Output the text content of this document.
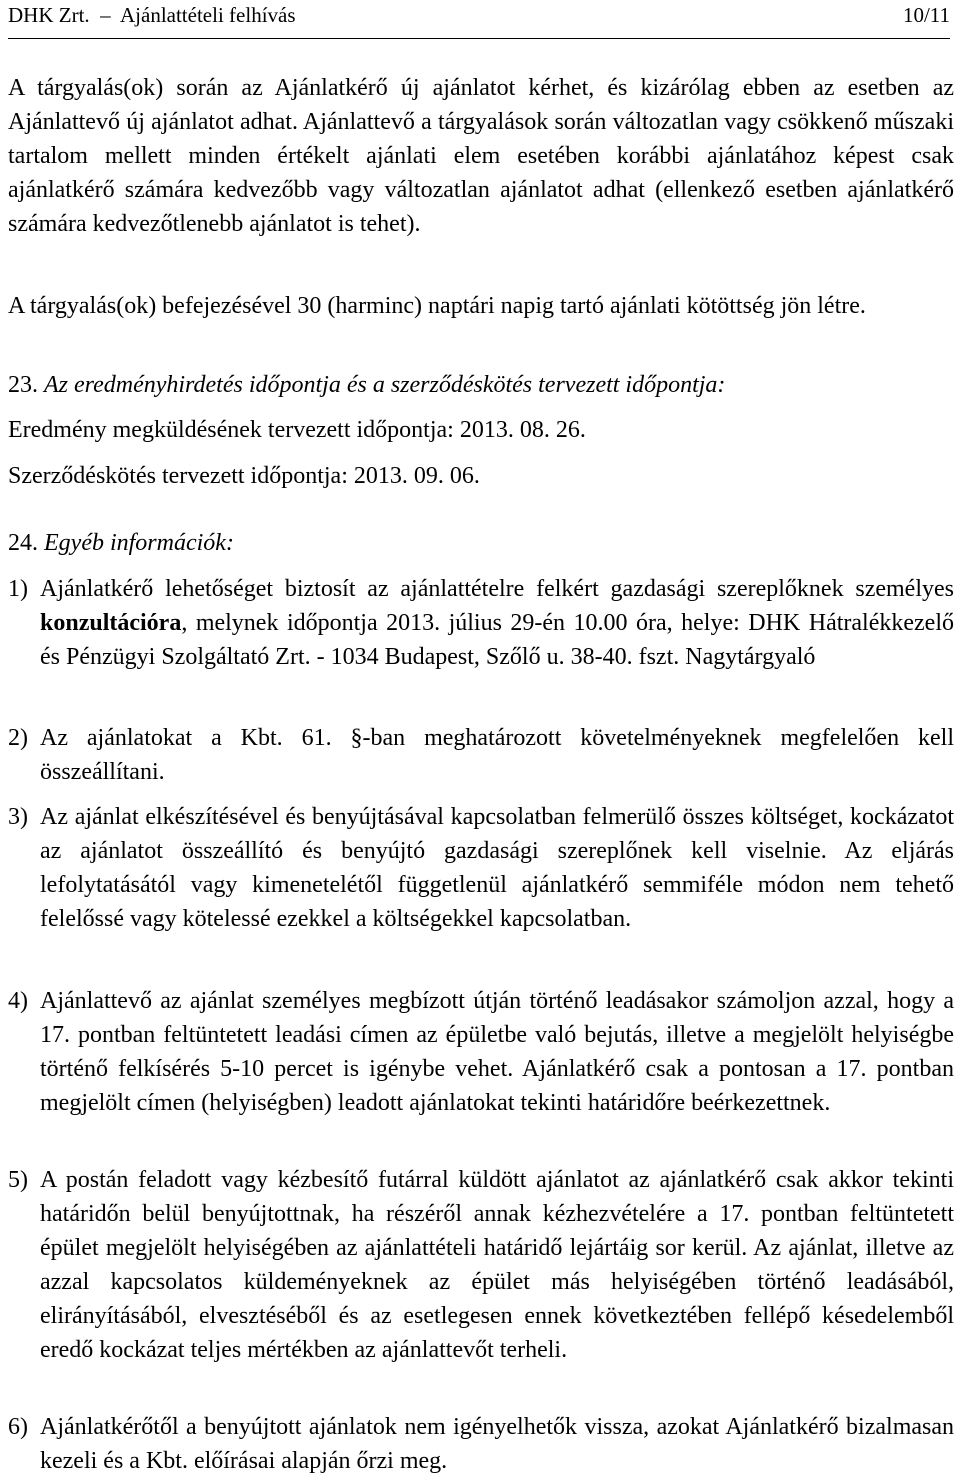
DHK Zrt. – Ajánlattételi felhívás	10/11
A tárgyalás(ok) során az Ajánlatkérő új ajánlatot kérhet, és kizárólag ebben az esetben az Ajánlattevő új ajánlatot adhat. Ajánlattevő a tárgyalások során változatlan vagy csökkenő műszaki tartalom mellett minden értékelt ajánlati elem esetében korábbi ajánlatához képest csak ajánlatkérő számára kedvezőbb vagy változatlan ajánlatot adhat (ellenkező esetben ajánlatkérő számára kedvezőtlenebb ajánlatot is tehet).
A tárgyalás(ok) befejezésével 30 (harminc) naptári napig tartó ajánlati kötöttség jön létre.
23. Az eredményhirdetés időpontja és a szerződéskötés tervezett időpontja:
Eredmény megküldésének tervezett időpontja: 2013. 08. 26.
Szerződéskötés tervezett időpontja: 2013. 09. 06.
24. Egyéb információk:
1) Ajánlatkérő lehetőséget biztosít az ajánlattételre felkért gazdasági szereplőknek személyes konzultációra, melynek időpontja 2013. július 29-én 10.00 óra, helye: DHK Hátralékkezelő és Pénzügyi Szolgáltató Zrt. - 1034 Budapest, Szőlő u. 38-40. fszt. Nagytárgyaló
2) Az ajánlatokat a Kbt. 61. §-ban meghatározott követelményeknek megfelelően kell összeállítani.
3) Az ajánlat elkészítésével és benyújtásával kapcsolatban felmerülő összes költséget, kockázatot az ajánlatot összeállító és benyújtó gazdasági szereplőnek kell viselnie. Az eljárás lefolytatásától vagy kimenetelétől függetlenül ajánlatkérő semmiféle módon nem tehető felelőssé vagy kötelessé ezekkel a költségekkel kapcsolatban.
4) Ajánlattevő az ajánlat személyes megbízott útján történő leadásakor számoljon azzal, hogy a 17. pontban feltüntetett leadási címen az épületbe való bejutás, illetve a megjelölt helyiségbe történő felkísérés 5-10 percet is igénybe vehet. Ajánlatkérő csak a pontosan a 17. pontban megjelölt címen (helyiségben) leadott ajánlatokat tekinti határidőre beérkezettnek.
5) A postán feladott vagy kézbesítő futárral küldött ajánlatot az ajánlatkérő csak akkor tekinti határidőn belül benyújtottnak, ha részéről annak kézhezvételére a 17. pontban feltüntetett épület megjelölt helyiségében az ajánlattételi határidő lejártáig sor kerül. Az ajánlat, illetve az azzal kapcsolatos küldeményeknek az épület más helyiségében történő leadásából, elirányításából, elvesztéséből és az esetlegesen ennek következtében fellépő késedelemből eredő kockázat teljes mértékben az ajánlattevőt terheli.
6) Ajánlatkérőtől a benyújtott ajánlatok nem igényelhetők vissza, azokat Ajánlatkérő bizalmasan kezeli és a Kbt. előírásai alapján őrzi meg.
